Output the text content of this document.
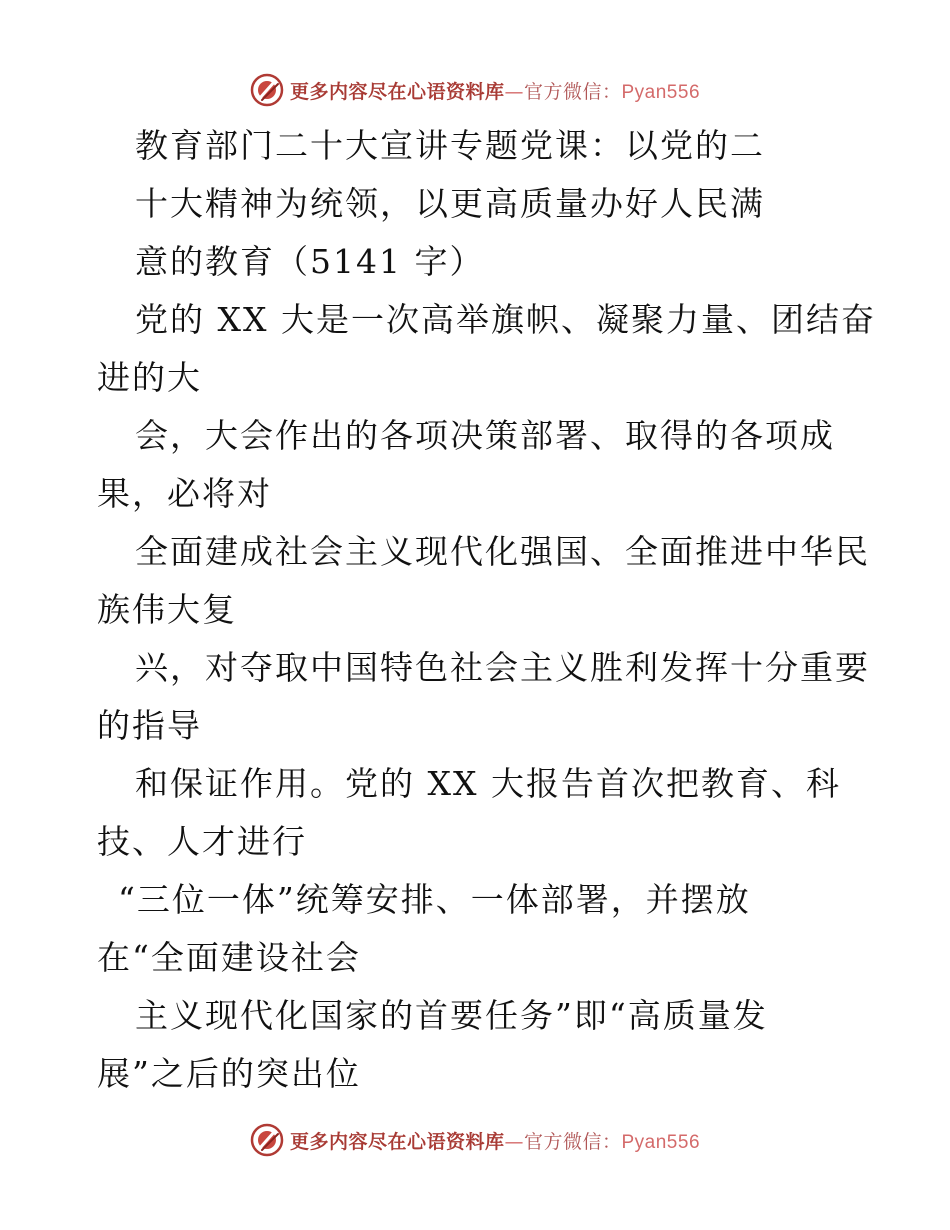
更多内容尽在心语资料库—官方微信：Pyan556
教育部门二十大宣讲专题党课：以党的二
十大精神为统领，以更高质量办好人民满
意的教育（5141 字）
党的 XX 大是一次高举旗帜、凝聚力量、团结奋
进的大
会，大会作出的各项决策部署、取得的各项成
果，必将对
全面建成社会主义现代化强国、全面推进中华民
族伟大复
兴，对夺取中国特色社会主义胜利发挥十分重要
的指导
和保证作用。党的 XX 大报告首次把教育、科
技、人才进行
“三位一体”统筹安排、一体部署，并摆放
在“全面建设社会
主义现代化国家的首要任务”即“高质量发
展”之后的突出位
更多内容尽在心语资料库—官方微信：Pyan556
